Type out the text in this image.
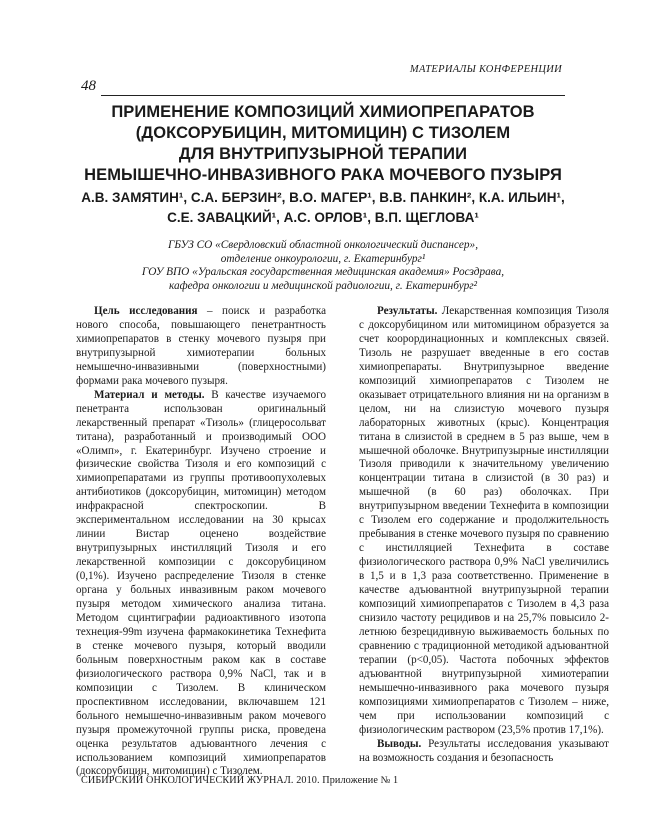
МАТЕРИАЛЫ КОНФЕРЕНЦИИ
48
ПРИМЕНЕНИЕ КОМПОЗИЦИЙ ХИМИОПРЕПАРАТОВ
(ДОКСОРУБИЦИН, МИТОМИЦИН) С ТИЗОЛЕМ
ДЛЯ ВНУТРИПУЗЫРНОЙ ТЕРАПИИ
НЕМЫШЕЧНО-ИНВАЗИВНОГО РАКА МОЧЕВОГО ПУЗЫРЯ
А.В. ЗАМЯТИН¹, С.А. БЕРЗИН², В.О. МАГЕР¹, В.В. ПАНКИН², К.А. ИЛЬИН¹,
С.Е. ЗАВАЦКИЙ¹, А.С. ОРЛОВ¹, В.П. ЩЕГЛОВА¹
ГБУЗ СО «Свердловский областной онкологический диспансер»,
отделение онкоурологии, г. Екатеринбург¹
ГОУ ВПО «Уральская государственная медицинская академия» Росздрава,
кафедра онкологии и медицинской радиологии, г. Екатеринбург²

Цель исследования – поиск и разработка нового способа, повышающего пенетрантность химиопрепаратов в стенку мочевого пузыря при внутрипузырной химиотерапии больных немышечно-инвазивными (поверхностными) формами рака мочевого пузыря.

Материал и методы. В качестве изучаемого пенетранта использован оригинальный лекарственный препарат «Тизоль» (глицеросольват титана), разработанный и производимый ООО «Олимп», г. Екатеринбург. Изучено строение и физические свойства Тизоля и его композиций с химиопрепаратами из группы противоопухолевых антибиотиков (доксорубицин, митомицин) методом инфракрасной спектроскопии. В экспериментальном исследовании на 30 крысах линии Вистар оценено воздействие внутрипузырных инстилляций Тизоля и его лекарственной композиции с доксорубицином (0,1%). Изучено распределение Тизоля в стенке органа у больных инвазивным раком мочевого пузыря методом химического анализа титана. Методом сцинтиграфии радиоактивного изотопа технеция-99m изучена фармакокинетика Технефита в стенке мочевого пузыря, который вводили больным поверхностным раком как в составе физиологического раствора 0,9% NaCl, так и в композиции с Тизолем. В клиническом проспективном исследовании, включавшем 121 больного немышечно-инвазивным раком мочевого пузыря промежуточной группы риска, проведена оценка результатов адъювантного лечения с использованием композиций химиопрепаратов (доксорубицин, митомицин) с Тизолем.

Результаты. Лекарственная композиция Тизоля с доксорубицином или митомицином образуется за счет коорординационных и комплексных связей. Тизоль не разрушает введенные в его состав химиопрепараты. Внутрипузырное введение композиций химиопрепаратов с Тизолем не оказывает отрицательного влияния ни на организм в целом, ни на слизистую мочевого пузыря лабораторных животных (крыс). Концентрация титана в слизистой в среднем в 5 раз выше, чем в мышечной оболочке. Внутрипузырные инстилляции Тизоля приводили к значительному увеличению концентрации титана в слизистой (в 30 раз) и мышечной (в 60 раз) оболочках. При внутрипузырном введении Технефита в композиции с Тизолем его содержание и продолжительность пребывания в стенке мочевого пузыря по сравнению с инстилляцией Технефита в составе физиологического раствора 0,9% NaCl увеличились в 1,5 и в 1,3 раза соответственно. Применение в качестве адъювантной внутрипузырной терапии композиций химиопрепаратов с Тизолем в 4,3 раза снизило частоту рецидивов и на 25,7% повысило 2-летнюю безрецидивную выживаемость больных по сравнению с традиционной методикой адъювантной терапии (p<0,05). Частота побочных эффектов адъювантной внутрипузырной химиотерапии немышечно-инвазивного рака мочевого пузыря композициями химиопрепаратов с Тизолем – ниже, чем при использовании композиций с физиологическим раствором (23,5% против 17,1%).

Выводы. Результаты исследования указывают на возможность создания и безопасность

СИБИРСКИЙ ОНКОЛОГИЧЕСКИЙ ЖУРНАЛ. 2010. Приложение № 1
